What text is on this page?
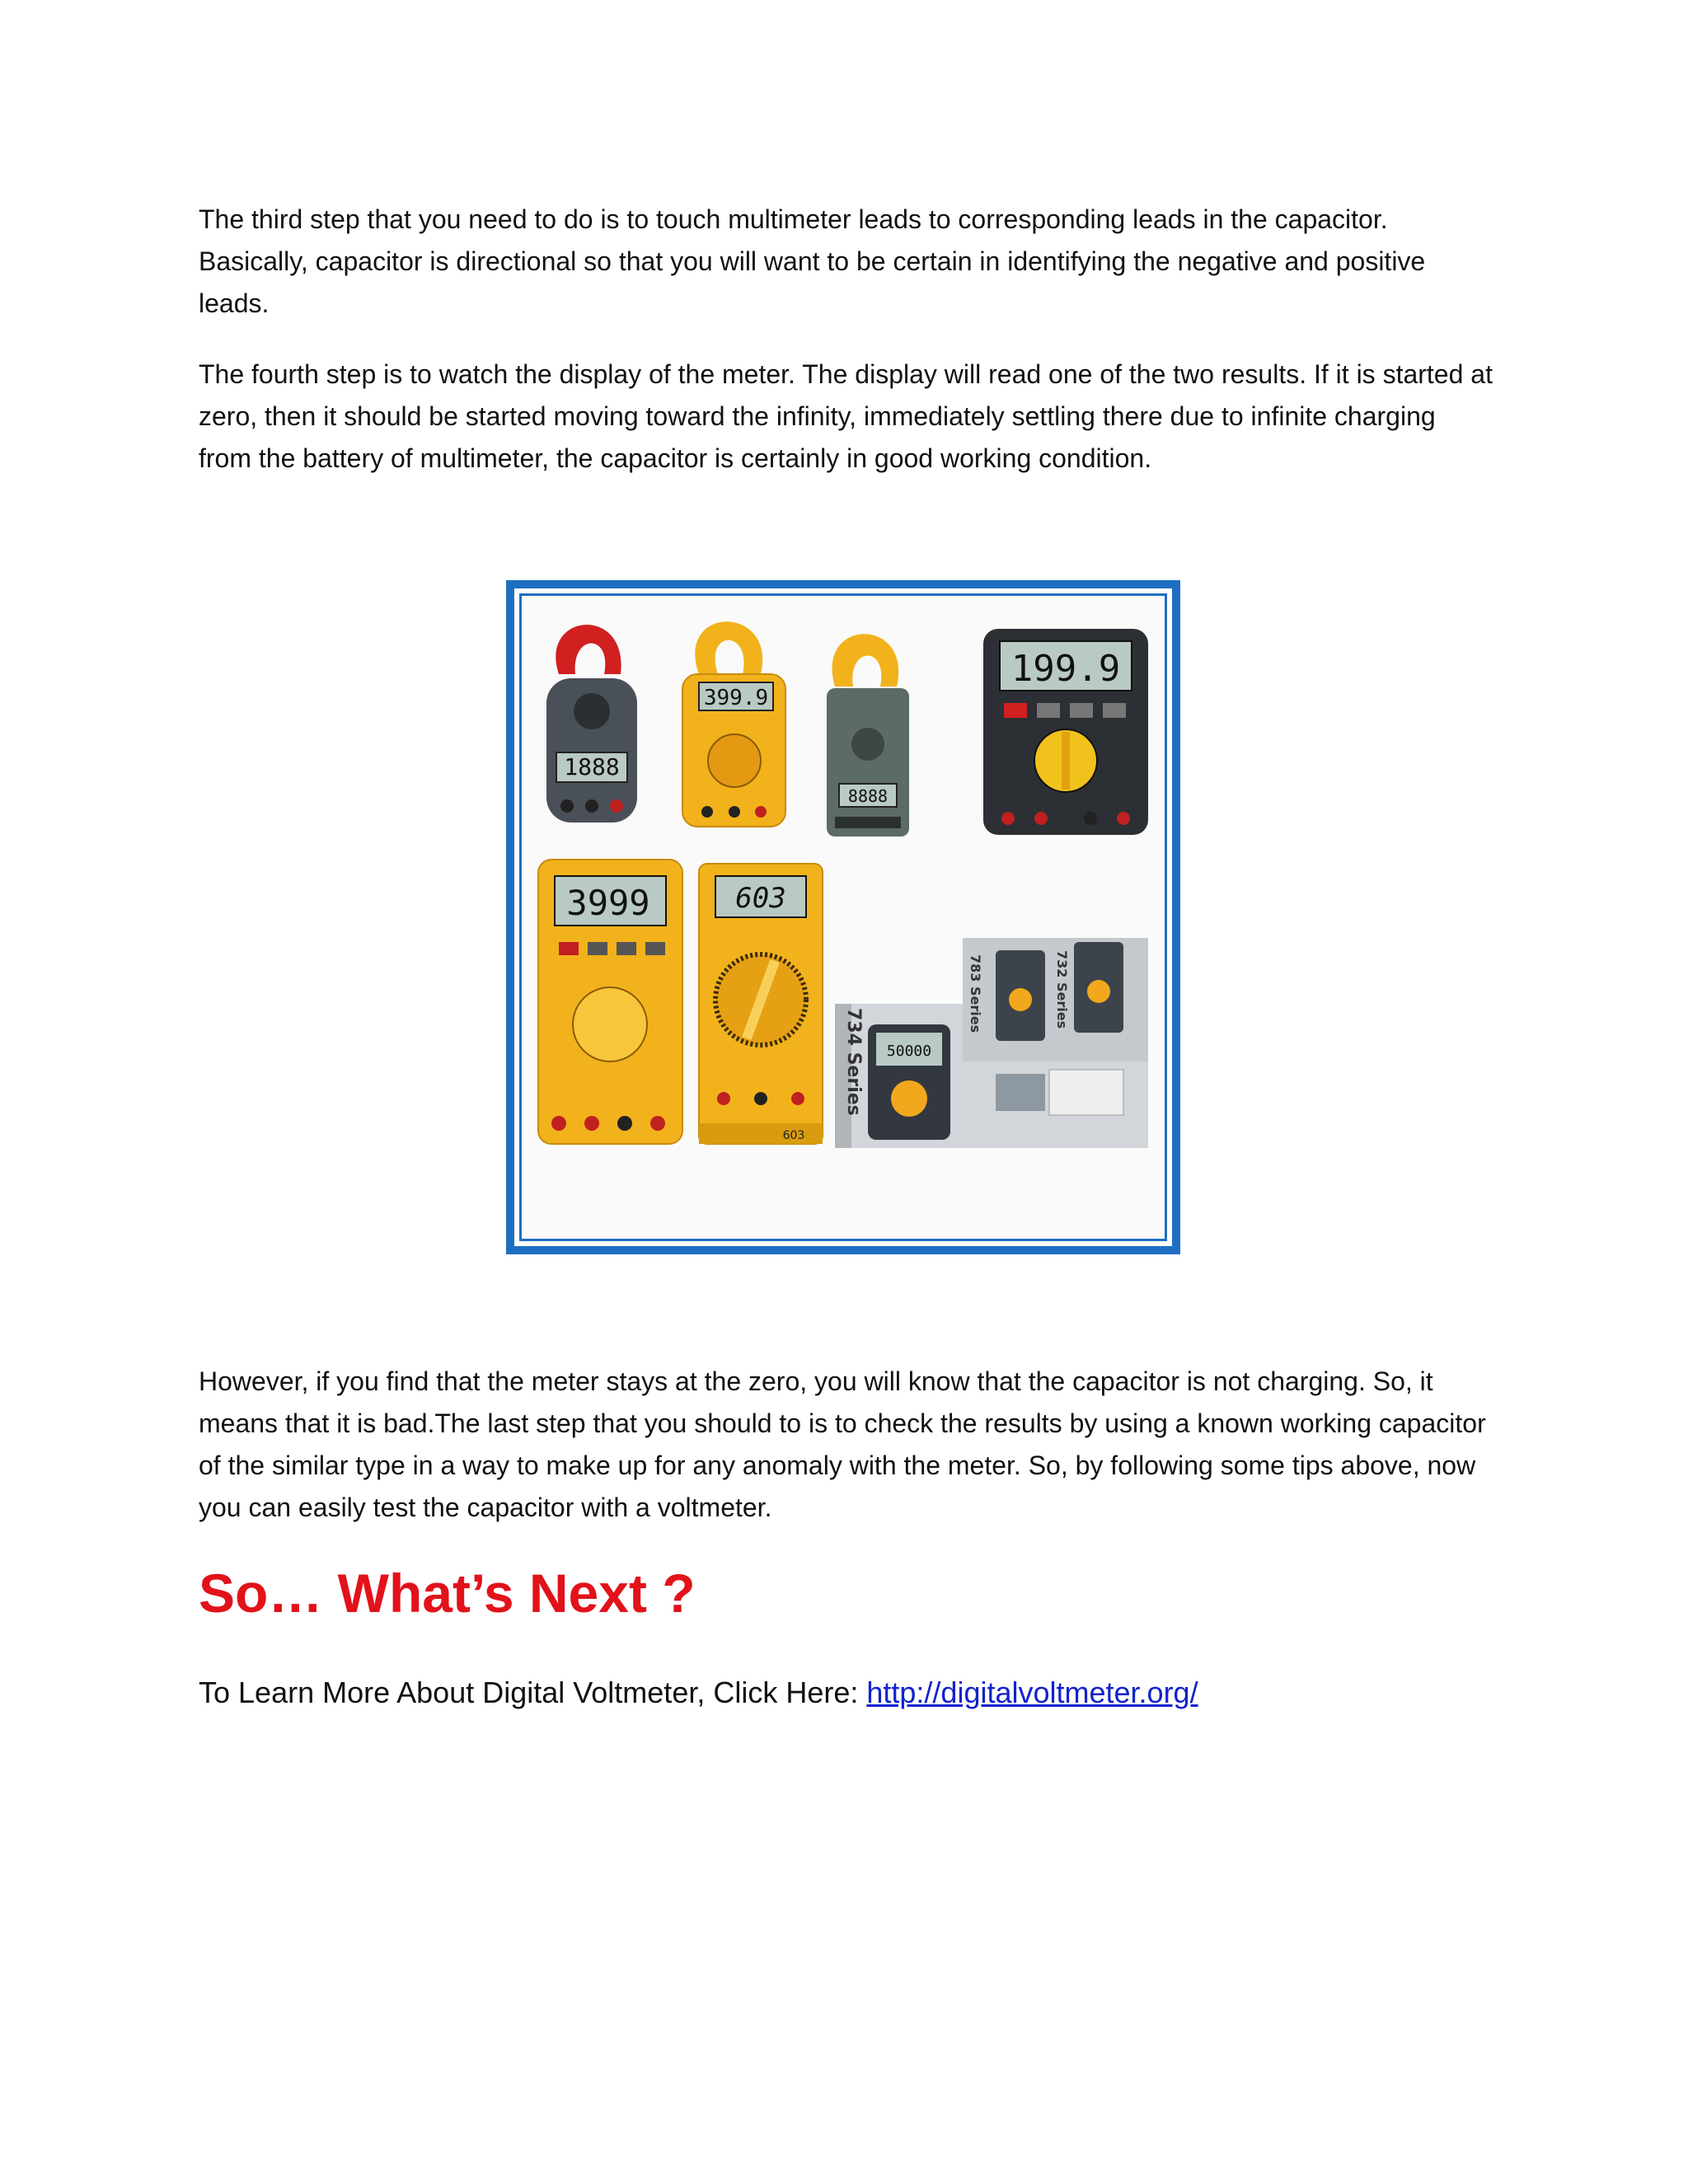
The third step that you need to do is to touch multimeter leads to corresponding leads in the capacitor. Basically, capacitor is directional so that you will want to be certain in identifying the negative and positive leads.

The fourth step is to watch the display of the meter. The display will read one of the two results. If it is started at zero, then it should be started moving toward the infinity, immediately settling there due to infinite charging from the battery of multimeter, the capacitor is certainly in good working condition.

1888
399.9
8888
199.9
3999	603
603
734 Series 50000
783 Series	732 Series

However, if you find that the meter stays at the zero, you will know that the capacitor is not charging. So, it means that it is bad.The last step that you should to is to check the results by using a known working capacitor of the similar type in a way to make up for any anomaly with the meter. So, by following some tips above, now you can easily test the capacitor with a voltmeter.

So… What’s Next ?

To Learn More About Digital Voltmeter, Click Here: http://digitalvoltmeter.org/
